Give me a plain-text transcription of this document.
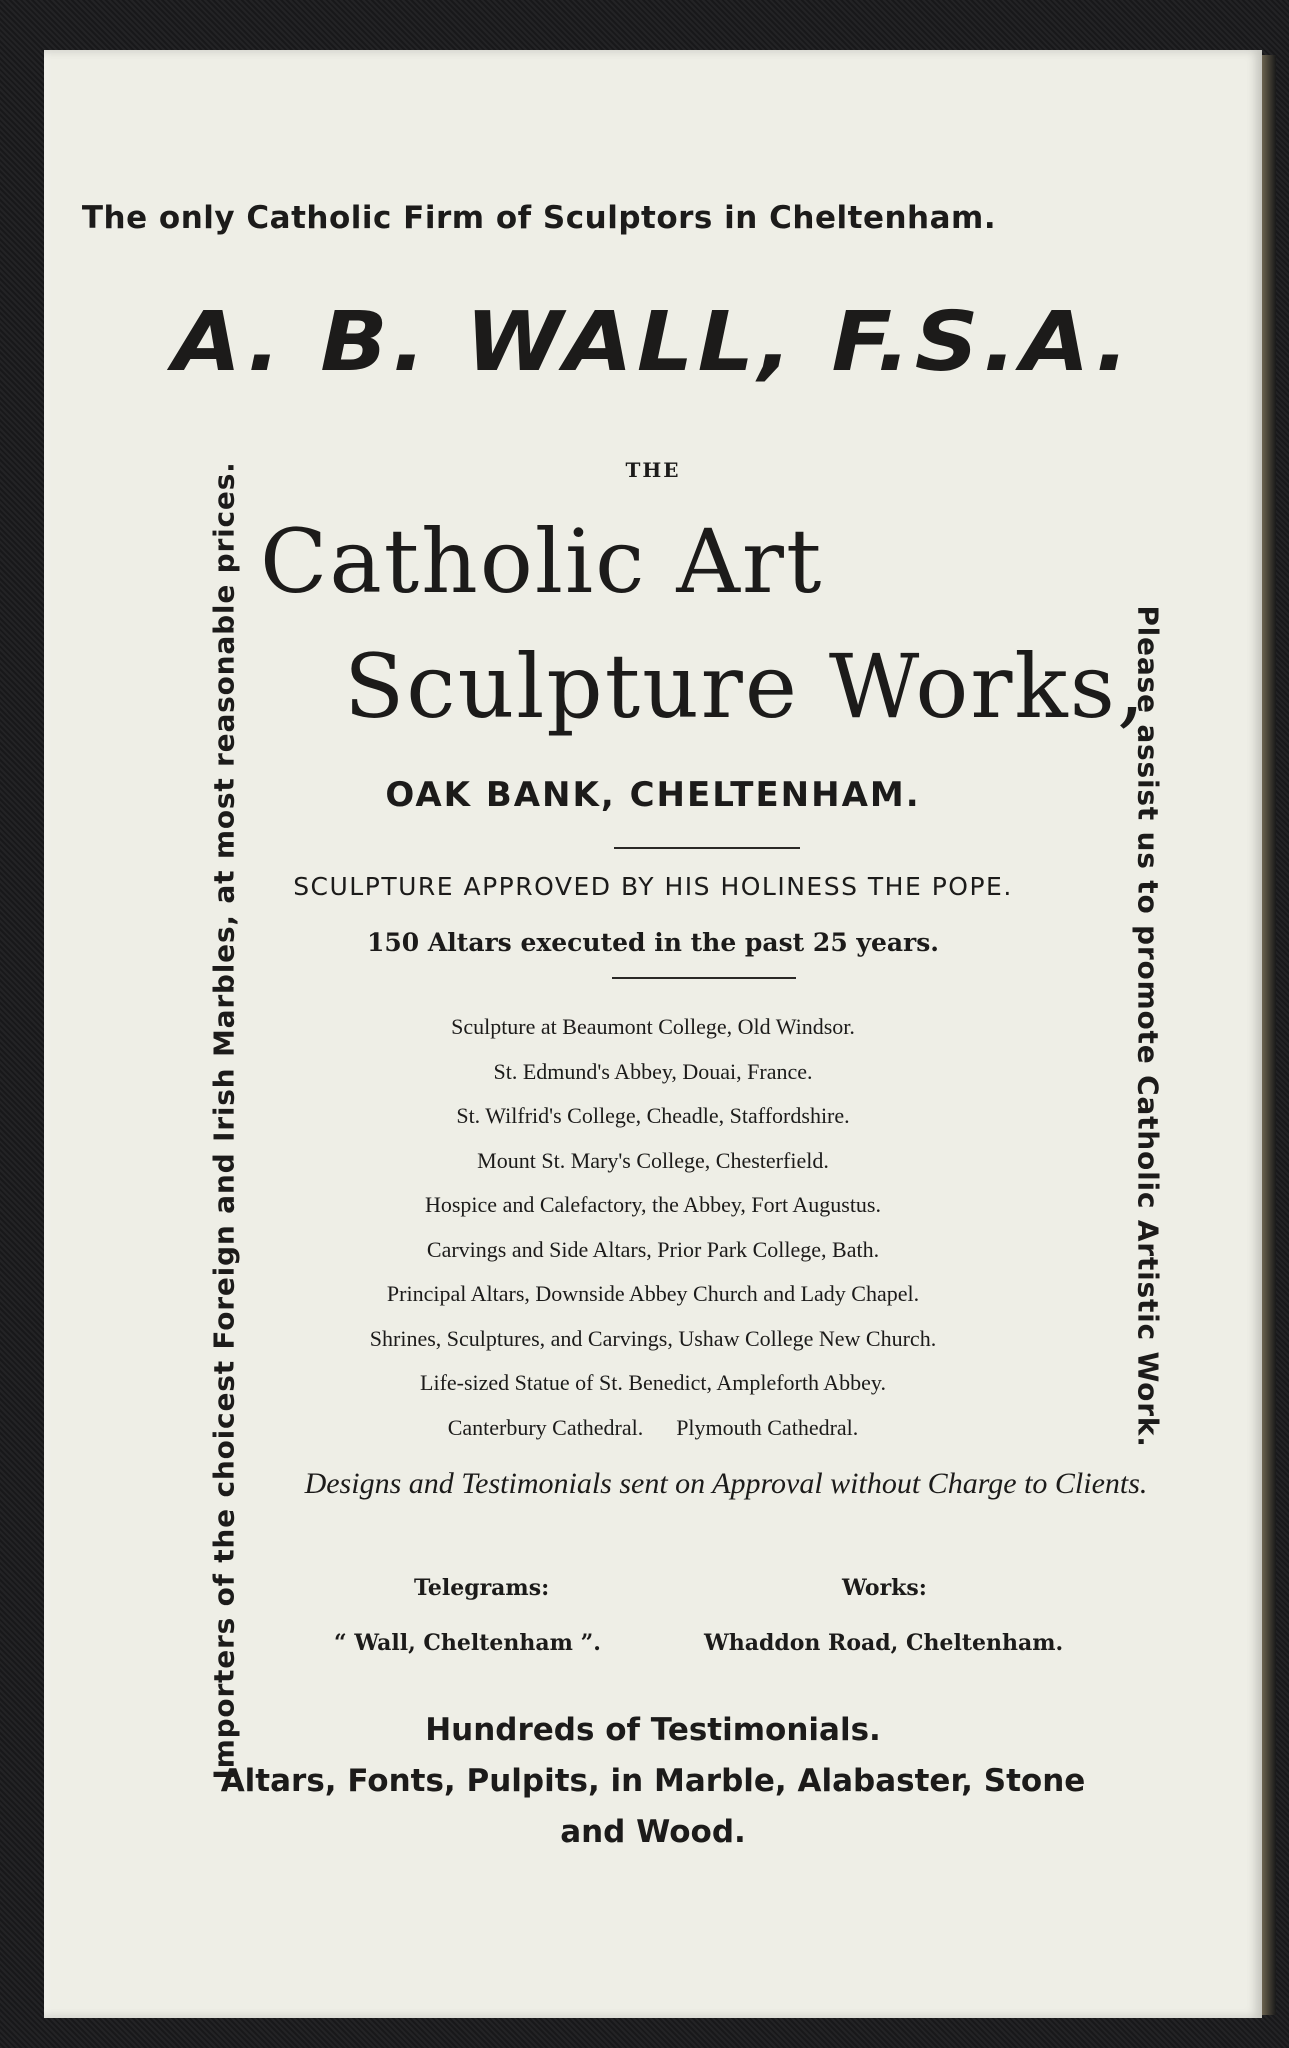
The only Catholic Firm of Sculptors in Cheltenham.
A. B. WALL, F.S.A.
THE
Catholic Art
Sculpture Works,
OAK BANK, CHELTENHAM.
SCULPTURE APPROVED BY HIS HOLINESS THE POPE.
150 Altars executed in the past 25 years.
Sculpture at Beaumont College, Old Windsor.
St. Edmund's Abbey, Douai, France.
St. Wilfrid's College, Cheadle, Staffordshire.
Mount St. Mary's College, Chesterfield.
Hospice and Calefactory, the Abbey, Fort Augustus.
Carvings and Side Altars, Prior Park College, Bath.
Principal Altars, Downside Abbey Church and Lady Chapel.
Shrines, Sculptures, and Carvings, Ushaw College New Church.
Life-sized Statue of St. Benedict, Ampleforth Abbey.
Canterbury Cathedral.      Plymouth Cathedral.
Designs and Testimonials sent on Approval without Charge to Clients.
Telegrams:	Works:
“ Wall, Cheltenham ”.	Whaddon Road, Cheltenham.
Hundreds of Testimonials.
Altars, Fonts, Pulpits, in Marble, Alabaster, Stone
and Wood.
Importers of the choicest Foreign and Irish Marbles, at most reasonable prices.	Please assist us to promote Catholic Artistic Work.
